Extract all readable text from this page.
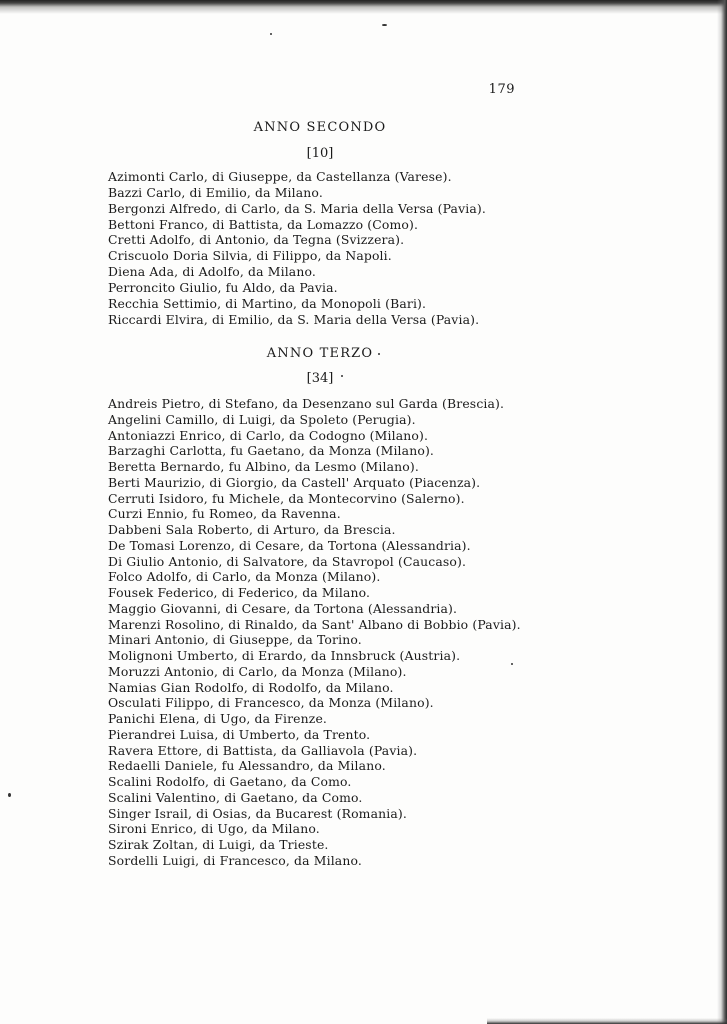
179
ANNO SECONDO
[10]
Azimonti Carlo, di Giuseppe, da Castellanza (Varese).
Bazzi Carlo, di Emilio, da Milano.
Bergonzi Alfredo, di Carlo, da S. Maria della Versa (Pavia).
Bettoni Franco, di Battista, da Lomazzo (Como).
Cretti Adolfo, di Antonio, da Tegna (Svizzera).
Criscuolo Doria Silvia, di Filippo, da Napoli.
Diena Ada, di Adolfo, da Milano.
Perroncito Giulio, fu Aldo, da Pavia.
Recchia Settimio, di Martino, da Monopoli (Bari).
Riccardi Elvira, di Emilio, da S. Maria della Versa (Pavia).
ANNO TERZO
[34]
Andreis Pietro, di Stefano, da Desenzano sul Garda (Brescia).
Angelini Camillo, di Luigi, da Spoleto (Perugia).
Antoniazzi Enrico, di Carlo, da Codogno (Milano).
Barzaghi Carlotta, fu Gaetano, da Monza (Milano).
Beretta Bernardo, fu Albino, da Lesmo (Milano).
Berti Maurizio, di Giorgio, da Castell' Arquato (Piacenza).
Cerruti Isidoro, fu Michele, da Montecorvino (Salerno).
Curzi Ennio, fu Romeo, da Ravenna.
Dabbeni Sala Roberto, di Arturo, da Brescia.
De Tomasi Lorenzo, di Cesare, da Tortona (Alessandria).
Di Giulio Antonio, di Salvatore, da Stavropol (Caucaso).
Folco Adolfo, di Carlo, da Monza (Milano).
Fousek Federico, di Federico, da Milano.
Maggio Giovanni, di Cesare, da Tortona (Alessandria).
Marenzi Rosolino, di Rinaldo, da Sant' Albano di Bobbio (Pavia).
Minari Antonio, di Giuseppe, da Torino.
Molignoni Umberto, di Erardo, da Innsbruck (Austria).
Moruzzi Antonio, di Carlo, da Monza (Milano).
Namias Gian Rodolfo, di Rodolfo, da Milano.
Osculati Filippo, di Francesco, da Monza (Milano).
Panichi Elena, di Ugo, da Firenze.
Pierandrei Luisa, di Umberto, da Trento.
Ravera Ettore, di Battista, da Galliavola (Pavia).
Redaelli Daniele, fu Alessandro, da Milano.
Scalini Rodolfo, di Gaetano, da Como.
Scalini Valentino, di Gaetano, da Como.
Singer Israil, di Osias, da Bucarest (Romania).
Sironi Enrico, di Ugo, da Milano.
Szirak Zoltan, di Luigi, da Trieste.
Sordelli Luigi, di Francesco, da Milano.
